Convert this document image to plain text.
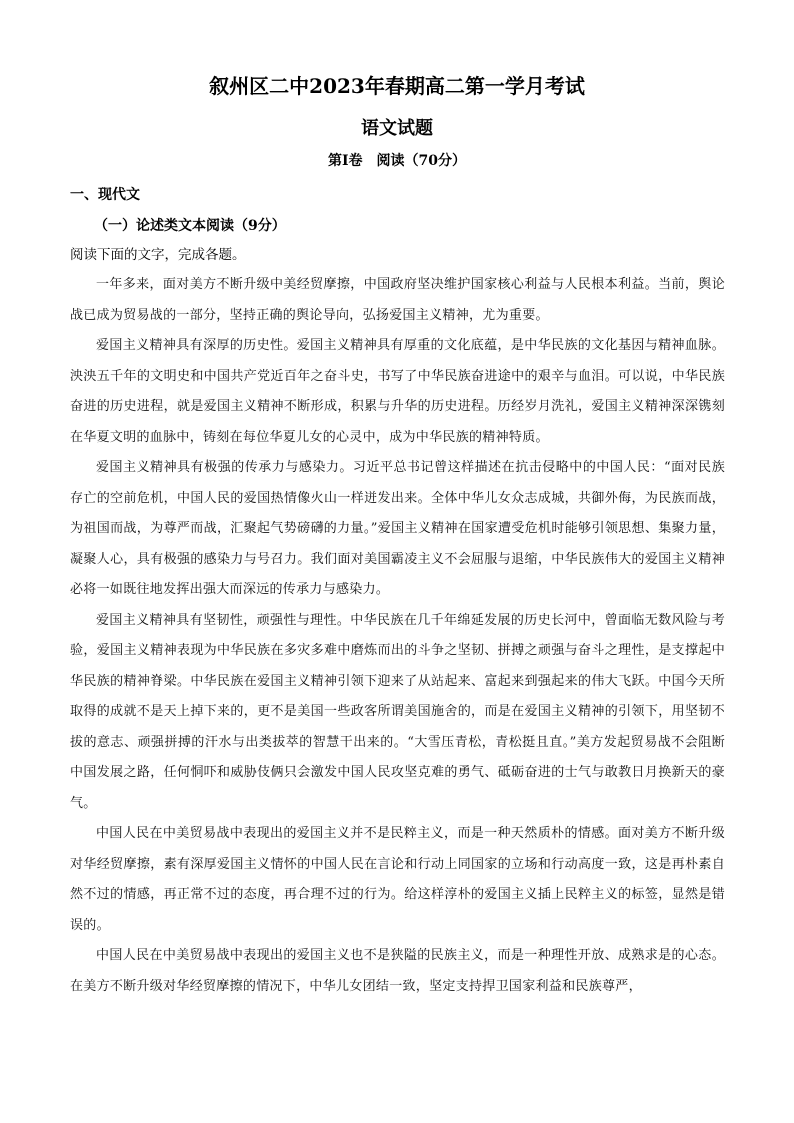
叙州区二中2023年春期高二第一学月考试
语文试题
第Ⅰ卷　阅读（70分）
一、现代文
（一）论述类文本阅读（9分）
阅读下面的文字，完成各题。

一年多来，面对美方不断升级中美经贸摩擦，中国政府坚决维护国家核心利益与人民根本利益。当前，舆论战已成为贸易战的一部分，坚持正确的舆论导向，弘扬爱国主义精神，尤为重要。

爱国主义精神具有深厚的历史性。爱国主义精神具有厚重的文化底蕴，是中华民族的文化基因与精神血脉。泱泱五千年的文明史和中国共产党近百年之奋斗史，书写了中华民族奋进途中的艰辛与血泪。可以说，中华民族奋进的历史进程，就是爱国主义精神不断形成，积累与升华的历史进程。历经岁月洗礼，爱国主义精神深深镌刻在华夏文明的血脉中，铸刻在每位华夏儿女的心灵中，成为中华民族的精神特质。

爱国主义精神具有极强的传承力与感染力。习近平总书记曾这样描述在抗击侵略中的中国人民：“面对民族存亡的空前危机，中国人民的爱国热情像火山一样迸发出来。全体中华儿女众志成城，共御外侮，为民族而战，为祖国而战，为尊严而战，汇聚起气势磅礴的力量。”爱国主义精神在国家遭受危机时能够引领思想、集聚力量，凝聚人心，具有极强的感染力与号召力。我们面对美国霸凌主义不会屈服与退缩，中华民族伟大的爱国主义精神必将一如既往地发挥出强大而深远的传承力与感染力。

爱国主义精神具有坚韧性，顽强性与理性。中华民族在几千年绵延发展的历史长河中，曾面临无数风险与考验，爱国主义精神表现为中华民族在多灾多难中磨炼而出的斗争之坚韧、拼搏之顽强与奋斗之理性，是支撑起中华民族的精神脊梁。中华民族在爱国主义精神引领下迎来了从站起来、富起来到强起来的伟大飞跃。中国今天所取得的成就不是天上掉下来的，更不是美国一些政客所谓美国施舍的，而是在爱国主义精神的引领下，用坚韧不拔的意志、顽强拼搏的汗水与出类拔萃的智慧干出来的。“大雪压青松，青松挺且直。”美方发起贸易战不会阻断中国发展之路，任何恫吓和威胁伎俩只会激发中国人民攻坚克难的勇气、砥砺奋进的士气与敢教日月换新天的豪气。

中国人民在中美贸易战中表现出的爱国主义并不是民粹主义，而是一种天然质朴的情感。面对美方不断升级对华经贸摩擦，素有深厚爱国主义情怀的中国人民在言论和行动上同国家的立场和行动高度一致，这是再朴素自然不过的情感，再正常不过的态度，再合理不过的行为。给这样淳朴的爱国主义插上民粹主义的标签，显然是错误的。

中国人民在中美贸易战中表现出的爱国主义也不是狭隘的民族主义，而是一种理性开放、成熟求是的心态。在美方不断升级对华经贸摩擦的情况下，中华儿女团结一致，坚定支持捍卫国家利益和民族尊严，
